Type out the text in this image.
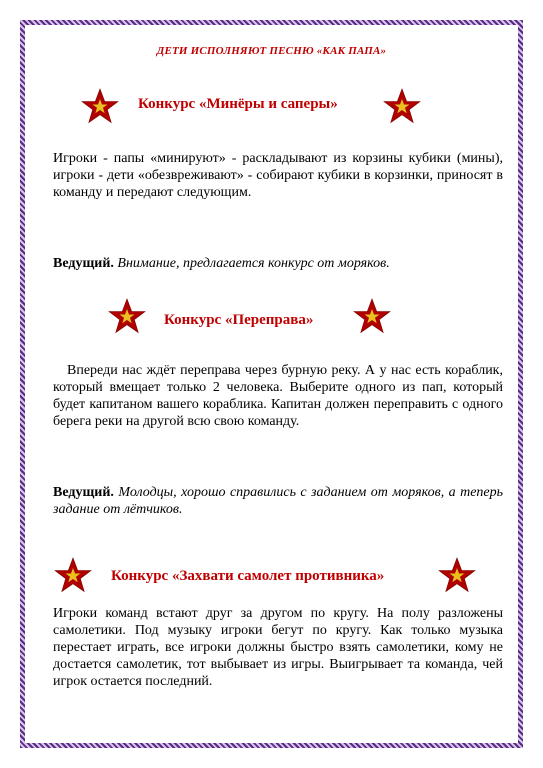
ДЕТИ ИСПОЛНЯЮТ ПЕСНЮ «КАК ПАПА»
Конкурс «Минёры и саперы»

Игроки - папы «минируют» - раскладывают из корзины кубики (мины), игроки - дети «обезвреживают» - собирают кубики в корзинки, приносят в команду и передают следующим.

Ведущий. Внимание, предлагается конкурс от моряков.

Конкурс «Переправа»

Впереди нас ждёт переправа через бурную реку. А у нас есть кораблик, который вмещает только 2 человека. Выберите одного из пап, который будет капитаном вашего кораблика. Капитан должен переправить с одного берега реки на другой всю свою команду.

Ведущий. Молодцы, хорошо справились с заданием от моряков, а теперь задание от лётчиков.

Конкурс «Захвати самолет противника»

Игроки команд встают друг за другом по кругу. На полу разложены самолетики. Под музыку игроки бегут по кругу. Как только музыка перестает играть, все игроки должны быстро взять самолетики, кому не достается самолетик, тот выбывает из игры. Выигрывает та команда, чей игрок остается последний.
